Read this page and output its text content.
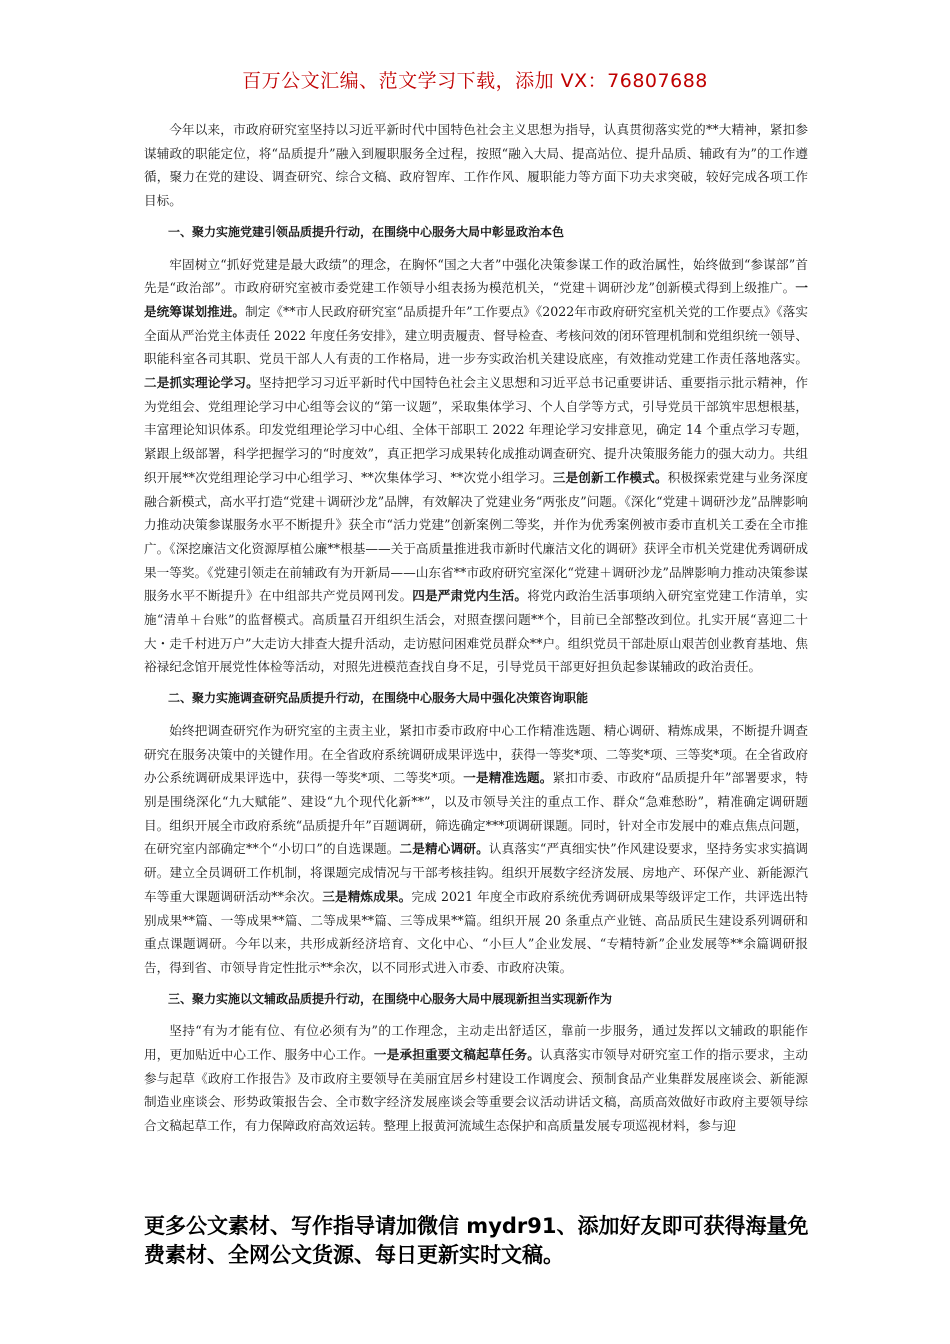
百万公文汇编、范文学习下载，添加 VX：76807688

今年以来，市政府研究室坚持以习近平新时代中国特色社会主义思想为指导，认真贯彻落实党的**大精神，紧扣参谋辅政的职能定位，将“品质提升”融入到履职服务全过程，按照“融入大局、提高站位、提升品质、辅政有为”的工作遵循，聚力在党的建设、调查研究、综合文稿、政府智库、工作作风、履职能力等方面下功夫求突破，较好完成各项工作目标。

一、聚力实施党建引领品质提升行动，在围绕中心服务大局中彰显政治本色

牢固树立“抓好党建是最大政绩”的理念，在胸怀“国之大者”中强化决策参谋工作的政治属性，始终做到“参谋部”首先是“政治部”。市政府研究室被市委党建工作领导小组表扬为模范机关，“党建＋调研沙龙”创新模式得到上级推广。一是统筹谋划推进。制定《**市人民政府研究室“品质提升年”工作要点》《2022年市政府研究室机关党的工作要点》《落实全面从严治党主体责任 2022 年度任务安排》，建立明责履责、督导检查、考核问效的闭环管理机制和党组织统一领导、职能科室各司其职、党员干部人人有责的工作格局，进一步夯实政治机关建设底座，有效推动党建工作责任落地落实。二是抓实理论学习。坚持把学习习近平新时代中国特色社会主义思想和习近平总书记重要讲话、重要指示批示精神，作为党组会、党组理论学习中心组等会议的“第一议题”，采取集体学习、个人自学等方式，引导党员干部筑牢思想根基，丰富理论知识体系。印发党组理论学习中心组、全体干部职工 2022 年理论学习安排意见，确定 14 个重点学习专题，紧跟上级部署，科学把握学习的“时度效”，真正把学习成果转化成推动调查研究、提升决策服务能力的强大动力。共组织开展**次党组理论学习中心组学习、**次集体学习、**次党小组学习。三是创新工作模式。积极探索党建与业务深度融合新模式，高水平打造“党建＋调研沙龙”品牌，有效解决了党建业务“两张皮”问题。《深化“党建＋调研沙龙”品牌影响力推动决策参谋服务水平不断提升》获全市“活力党建”创新案例二等奖，并作为优秀案例被市委市直机关工委在全市推广。《深挖廉洁文化资源厚植公廉**根基——关于高质量推进我市新时代廉洁文化的调研》获评全市机关党建优秀调研成果一等奖。《党建引领走在前辅政有为开新局——山东省**市政府研究室深化“党建＋调研沙龙”品牌影响力推动决策参谋服务水平不断提升》在中组部共产党员网刊发。四是严肃党内生活。将党内政治生活事项纳入研究室党建工作清单，实施“清单＋台账”的监督模式。高质量召开组织生活会，对照查摆问题**个，目前已全部整改到位。扎实开展“喜迎二十大・走千村进万户”大走访大排查大提升活动，走访慰问困难党员群众**户。组织党员干部赴原山艰苦创业教育基地、焦裕禄纪念馆开展党性体检等活动，对照先进模范查找自身不足，引导党员干部更好担负起参谋辅政的政治责任。

二、聚力实施调查研究品质提升行动，在围绕中心服务大局中强化决策咨询职能

始终把调查研究作为研究室的主责主业，紧扣市委市政府中心工作精准选题、精心调研、精炼成果，不断提升调查研究在服务决策中的关键作用。在全省政府系统调研成果评选中，获得一等奖*项、二等奖*项、三等奖*项。在全省政府办公系统调研成果评选中，获得一等奖*项、二等奖*项。一是精准选题。紧扣市委、市政府“品质提升年”部署要求，特别是围绕深化“九大赋能”、建设“九个现代化新**”，以及市领导关注的重点工作、群众“急难愁盼”，精准确定调研题目。组织开展全市政府系统“品质提升年”百题调研，筛选确定***项调研课题。同时，针对全市发展中的难点焦点问题，在研究室内部确定**个“小切口”的自选课题。二是精心调研。认真落实“严真细实快”作风建设要求，坚持务实求实搞调研。建立全员调研工作机制，将课题完成情况与干部考核挂钩。组织开展数字经济发展、房地产、环保产业、新能源汽车等重大课题调研活动**余次。三是精炼成果。完成 2021 年度全市政府系统优秀调研成果等级评定工作，共评选出特别成果**篇、一等成果**篇、二等成果**篇、三等成果**篇。组织开展 20 条重点产业链、高品质民生建设系列调研和重点课题调研。今年以来，共形成新经济培育、文化中心、“小巨人”企业发展、“专精特新”企业发展等**余篇调研报告，得到省、市领导肯定性批示**余次，以不同形式进入市委、市政府决策。

三、聚力实施以文辅政品质提升行动，在围绕中心服务大局中展现新担当实现新作为

坚持“有为才能有位、有位必须有为”的工作理念，主动走出舒适区，靠前一步服务，通过发挥以文辅政的职能作用，更加贴近中心工作、服务中心工作。一是承担重要文稿起草任务。认真落实市领导对研究室工作的指示要求，主动参与起草《政府工作报告》及市政府主要领导在美丽宜居乡村建设工作调度会、预制食品产业集群发展座谈会、新能源制造业座谈会、形势政策报告会、全市数字经济发展座谈会等重要会议活动讲话文稿，高质高效做好市政府主要领导综合文稿起草工作，有力保障政府高效运转。整理上报黄河流域生态保护和高质量发展专项巡视材料，参与迎

更多公文素材、写作指导请加微信 mydr91、添加好友即可获得海量免费素材、全网公文货源、每日更新实时文稿。
